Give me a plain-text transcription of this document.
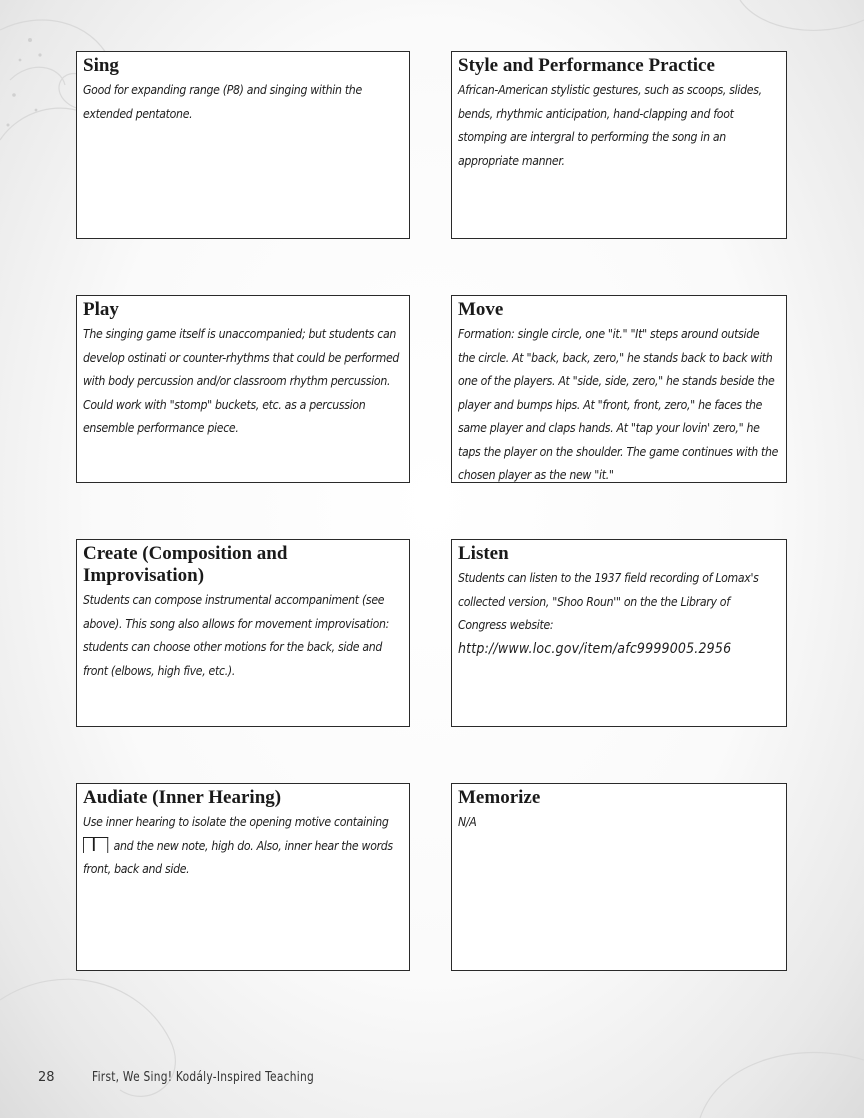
Sing

Good for expanding range (P8) and singing within the extended pentatone.

Style and Performance Practice

African-American stylistic gestures, such as scoops, slides, bends, rhythmic anticipation, hand-clapping and foot stomping are intergral to performing the song in an appropriate manner.

Play

The singing game itself is unaccompanied; but students can develop ostinati or counter-rhythms that could be performed with body percussion and/or classroom rhythm percussion. Could work with "stomp" buckets, etc. as a percussion ensemble performance piece.

Move

Formation: single circle, one "it." "It" steps around outside the circle. At "back, back, zero," he stands back to back with one of the players. At "side, side, zero," he stands beside the player and bumps hips. At "front, front, zero," he faces the same player and claps hands. At "tap your lovin' zero," he taps the player on the shoulder. The game continues with the chosen player as the new "it."

Create (Composition and Improvisation)

Students can compose instrumental accompaniment (see above). This song also allows for movement improvisation: students can choose other motions for the back, side and front (elbows, high five, etc.).

Listen

Students can listen to the 1937 field recording of Lomax's collected version, "Shoo Roun'" on the the Library of Congress website:
http://www.loc.gov/item/afc9999005.2956

Audiate (Inner Hearing)

Use inner hearing to isolate the opening motive containing
and the new note, high do. Also, inner hear the words front, back and side.

Memorize

N/A

28	First, We Sing! Kodály-Inspired Teaching
